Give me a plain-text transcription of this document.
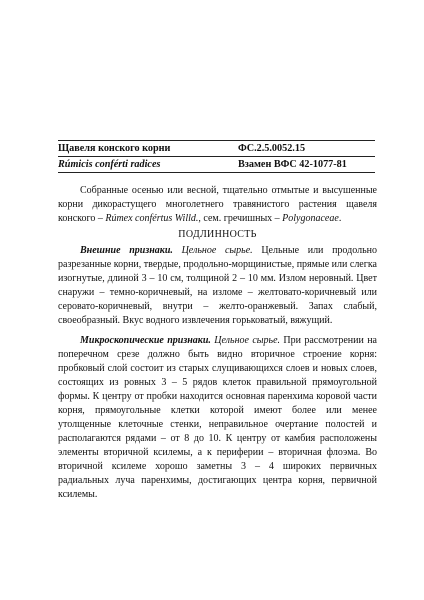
Щавеля конского корни	ФС.2.5.0052.15
Rúmicis conférti radices	Взамен ВФС 42-1077-81

Собранные осенью или весной, тщательно отмытые и высушенные корни дикорастущего многолетнего травянистого растения щавеля конского – Rúmex confértus Willd., сем. гречишных – Polygonaceae.

ПОДЛИННОСТЬ

Внешние признаки. Цельное сырье. Цельные или продольно разрезанные корни, твердые, продольно-морщинистые, прямые или слегка изогнутые, длиной 3 – 10 см, толщиной 2 – 10 мм. Излом неровный. Цвет снаружи – темно-коричневый, на изломе – желтовато-коричневый или серовато-коричневый, внутри – желто-оранжевый. Запах слабый, своеобразный. Вкус водного извлечения горьковатый, вяжущий.

Микроскопические признаки. Цельное сырье. При рассмотрении на поперечном срезе должно быть видно вторичное строение корня: пробковый слой состоит из старых слущивающихся слоев и новых слоев, состоящих из ровных 3 – 5 рядов клеток правильной прямоугольной формы. К центру от пробки находится основная паренхима коровой части корня, прямоугольные клетки которой имеют более или менее утолщенные клеточные стенки, неправильное очертание полостей и располагаются рядами – от 8 до 10. К центру от камбия расположены элементы вторичной ксилемы, а к периферии – вторичная флоэма. Во вторичной ксилеме хорошо заметны 3 – 4 широких первичных радиальных луча паренхимы, достигающих центра корня, первичной ксилемы.
